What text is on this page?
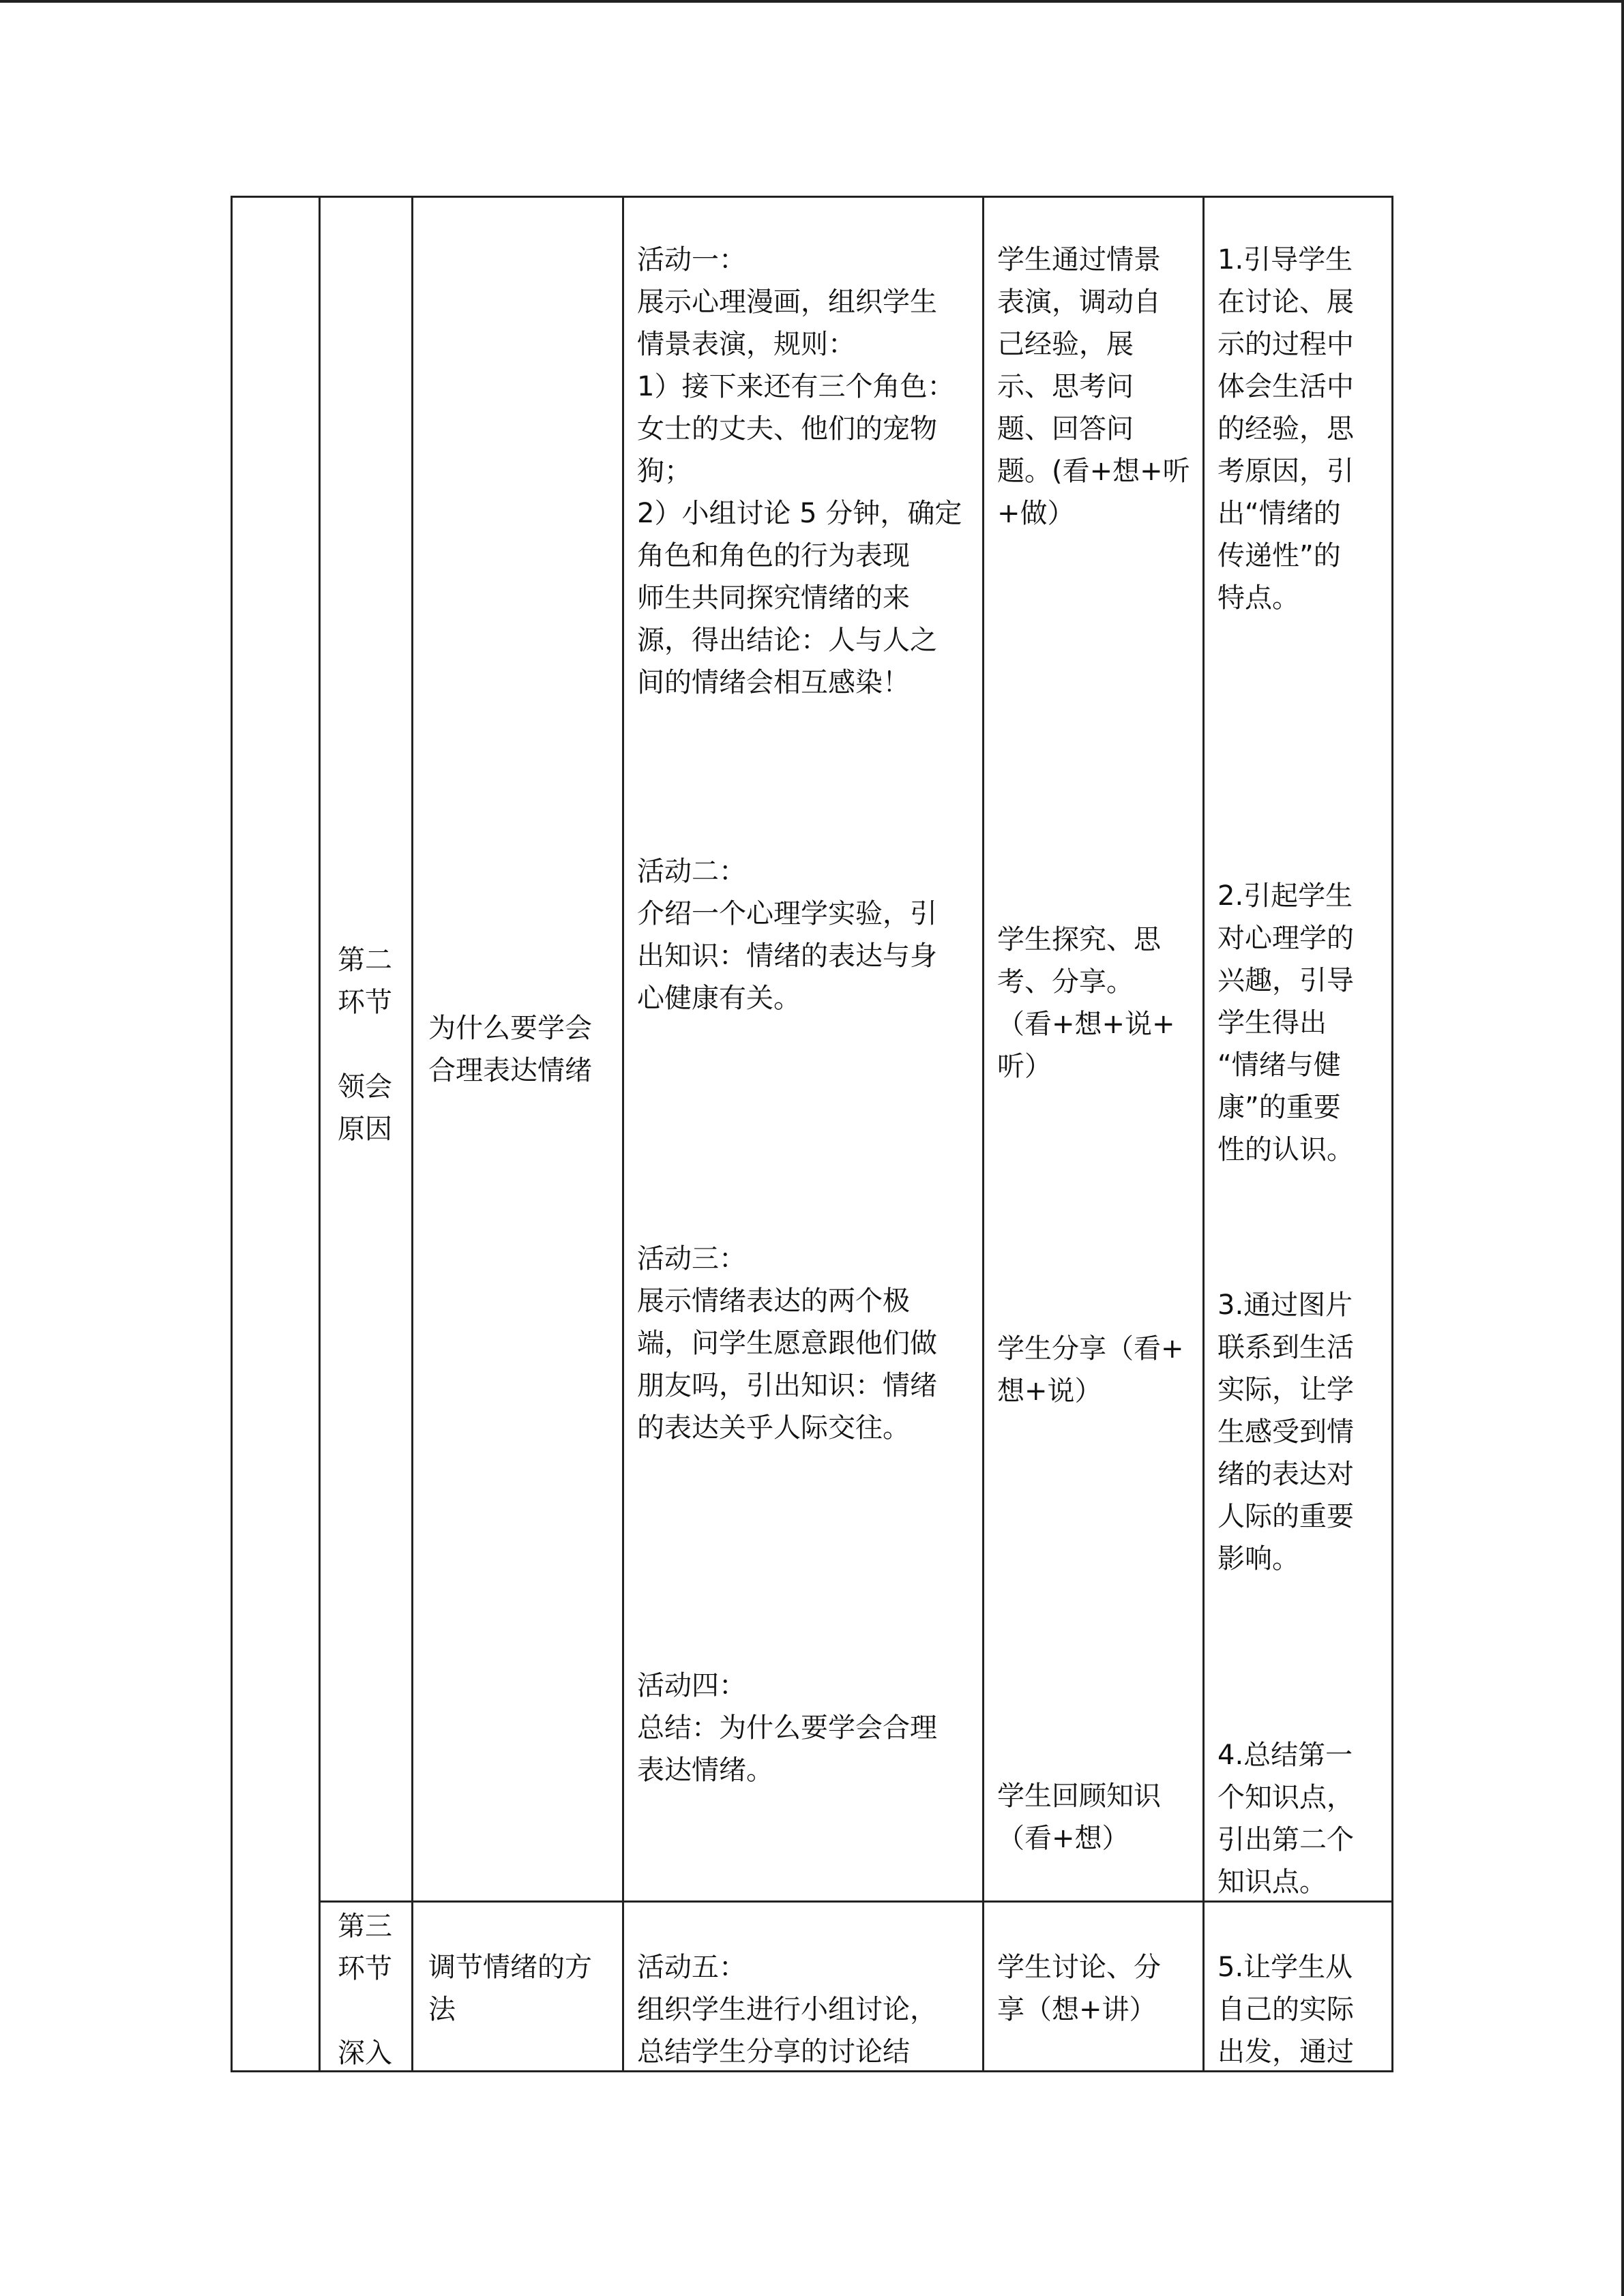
第二
环节

领会
原因

为什么要学会
合理表达情绪

活动一：
展示心理漫画，组织学生
情景表演，规则：
1）接下来还有三个角色：
女士的丈夫、他们的宠物
狗；
2）小组讨论 5 分钟，确定
角色和角色的行为表现
师生共同探究情绪的来
源，得出结论：人与人之
间的情绪会相互感染！

学生通过情景
表演，调动自
己经验，展
示、思考问
题、回答问
题。(看+想+听
+做）

1.引导学生
在讨论、展
示的过程中
体会生活中
的经验，思
考原因，引
出“情绪的
传递性”的
特点。

活动二：
介绍一个心理学实验，引
出知识：情绪的表达与身
心健康有关。

学生探究、思
考、分享。
（看+想+说+
听）

2.引起学生
对心理学的
兴趣，引导
学生得出
“情绪与健
康”的重要
性的认识。

活动三：
展示情绪表达的两个极
端，问学生愿意跟他们做
朋友吗，引出知识：情绪
的表达关乎人际交往。

学生分享（看+
想+说）

3.通过图片
联系到生活
实际，让学
生感受到情
绪的表达对
人际的重要
影响。

活动四：
总结：为什么要学会合理
表达情绪。

学生回顾知识
（看+想）

4.总结第一
个知识点，
引出第二个
知识点。

第三
环节

深入

调节情绪的方
法

活动五：
组织学生进行小组讨论，
总结学生分享的讨论结

学生讨论、分
享（想+讲）

5.让学生从
自己的实际
出发，通过
